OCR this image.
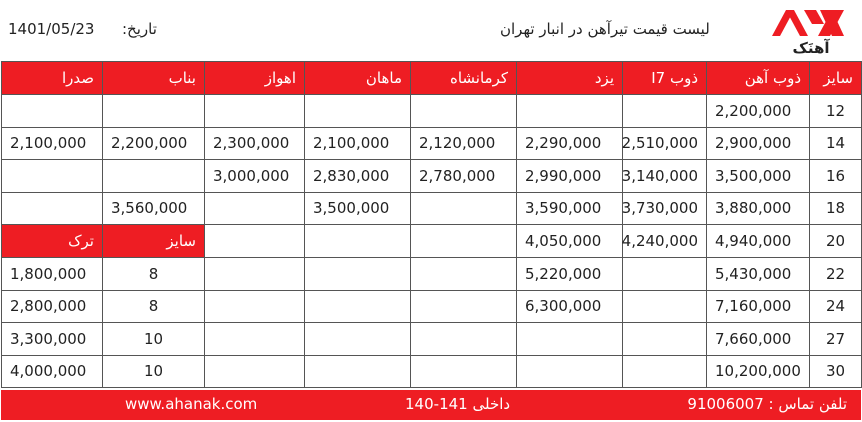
1401/05/23 تاریخ:	لیست قیمت تیرآهن در انبار تهران
آهنَک
سایز	ذوب آهن	ذوب I7	یزد	کرمانشاه	ماهان	اهواز	بناب	صدرا
12	2,200,000							
14	2,900,000	2,510,000	2,290,000	2,120,000	2,100,000	2,300,000	2,200,000	2,100,000
16	3,500,000	3,140,000	2,990,000	2,780,000	2,830,000	3,000,000		
18	3,880,000	3,730,000	3,590,000		3,500,000		3,560,000	
20	4,940,000	4,240,000	4,050,000				سایز	ترک
22	5,430,000		5,220,000				8	1,800,000
24	7,160,000		6,300,000				8	2,800,000
27	7,660,000						10	3,300,000
30	10,200,000						10	4,000,000
www.ahanak.com	داخلی 141-140	تلفن تماس : 91006007
